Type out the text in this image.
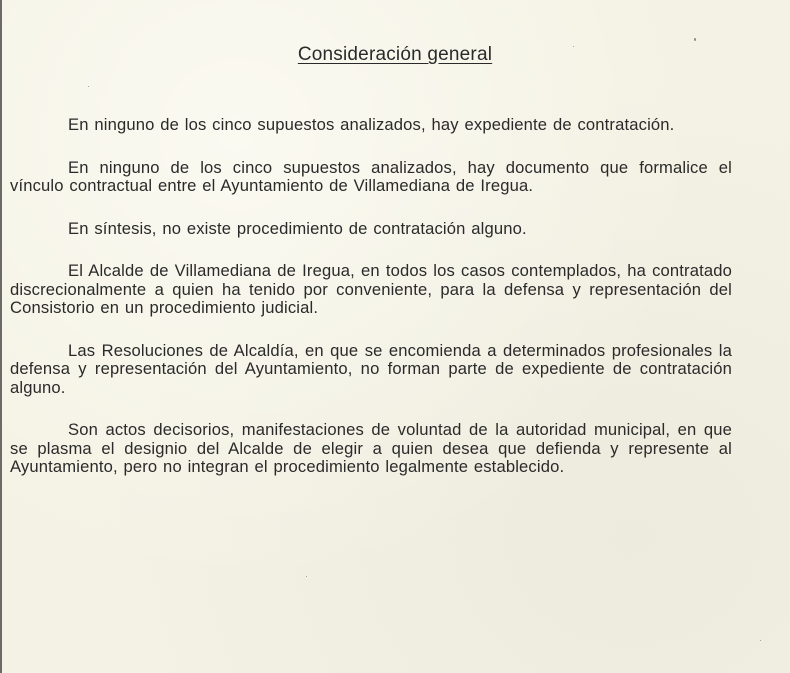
Consideración general

En ninguno de los cinco supuestos analizados, hay expediente de contratación.

En ninguno de los cinco supuestos analizados, hay documento que formalice el vínculo contractual entre el Ayuntamiento de Villamediana de Iregua.

En síntesis, no existe procedimiento de contratación alguno.

El Alcalde de Villamediana de Iregua, en todos los casos contemplados, ha contratado discrecionalmente a quien ha tenido por conveniente, para la defensa y representación del Consistorio en un procedimiento judicial.

Las Resoluciones de Alcaldía, en que se encomienda a determinados profesionales la defensa y representación del Ayuntamiento, no forman parte de expediente de contratación alguno.

Son actos decisorios, manifestaciones de voluntad de la autoridad municipal, en que se plasma el designio del Alcalde de elegir a quien desea que defienda y represente al Ayuntamiento, pero no integran el procedimiento legalmente establecido.
